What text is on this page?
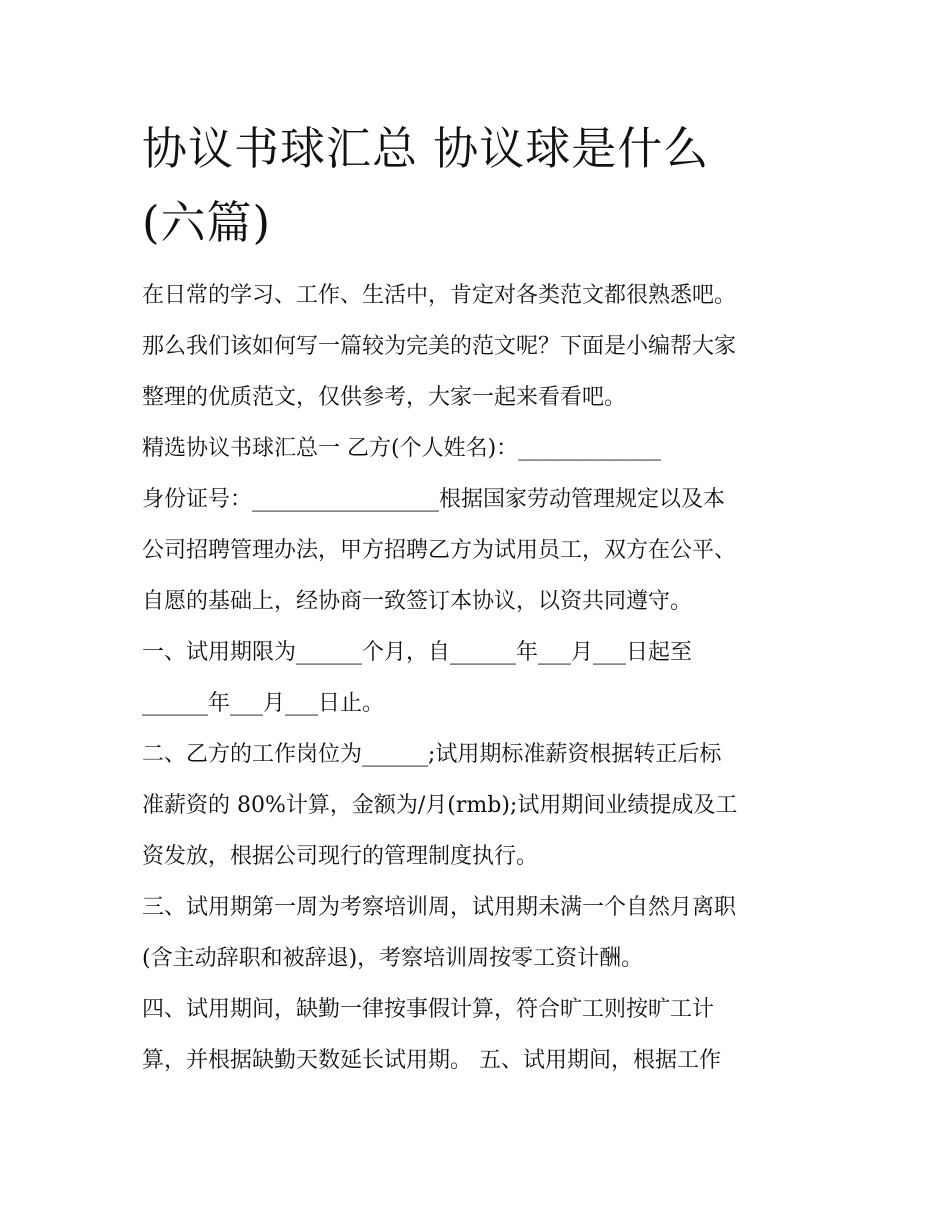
协议书球汇总 协议球是什么
(六篇)
在日常的学习、工作、生活中，肯定对各类范文都很熟悉吧。
那么我们该如何写一篇较为完美的范文呢？下面是小编帮大家
整理的优质范文，仅供参考，大家一起来看看吧。
精选协议书球汇总一 乙方(个人姓名)：_____________
身份证号：_________________根据国家劳动管理规定以及本
公司招聘管理办法，甲方招聘乙方为试用员工，双方在公平、
自愿的基础上，经协商一致签订本协议，以资共同遵守。
一、试用期限为______个月，自______年___月___日起至
______年___月___日止。
二、乙方的工作岗位为______;试用期标准薪资根据转正后标
准薪资的 80%计算，金额为/月(rmb);试用期间业绩提成及工
资发放，根据公司现行的管理制度执行。
三、试用期第一周为考察培训周，试用期未满一个自然月离职
(含主动辞职和被辞退)，考察培训周按零工资计酬。
四、试用期间，缺勤一律按事假计算，符合旷工则按旷工计
算，并根据缺勤天数延长试用期。 五、试用期间，根据工作
